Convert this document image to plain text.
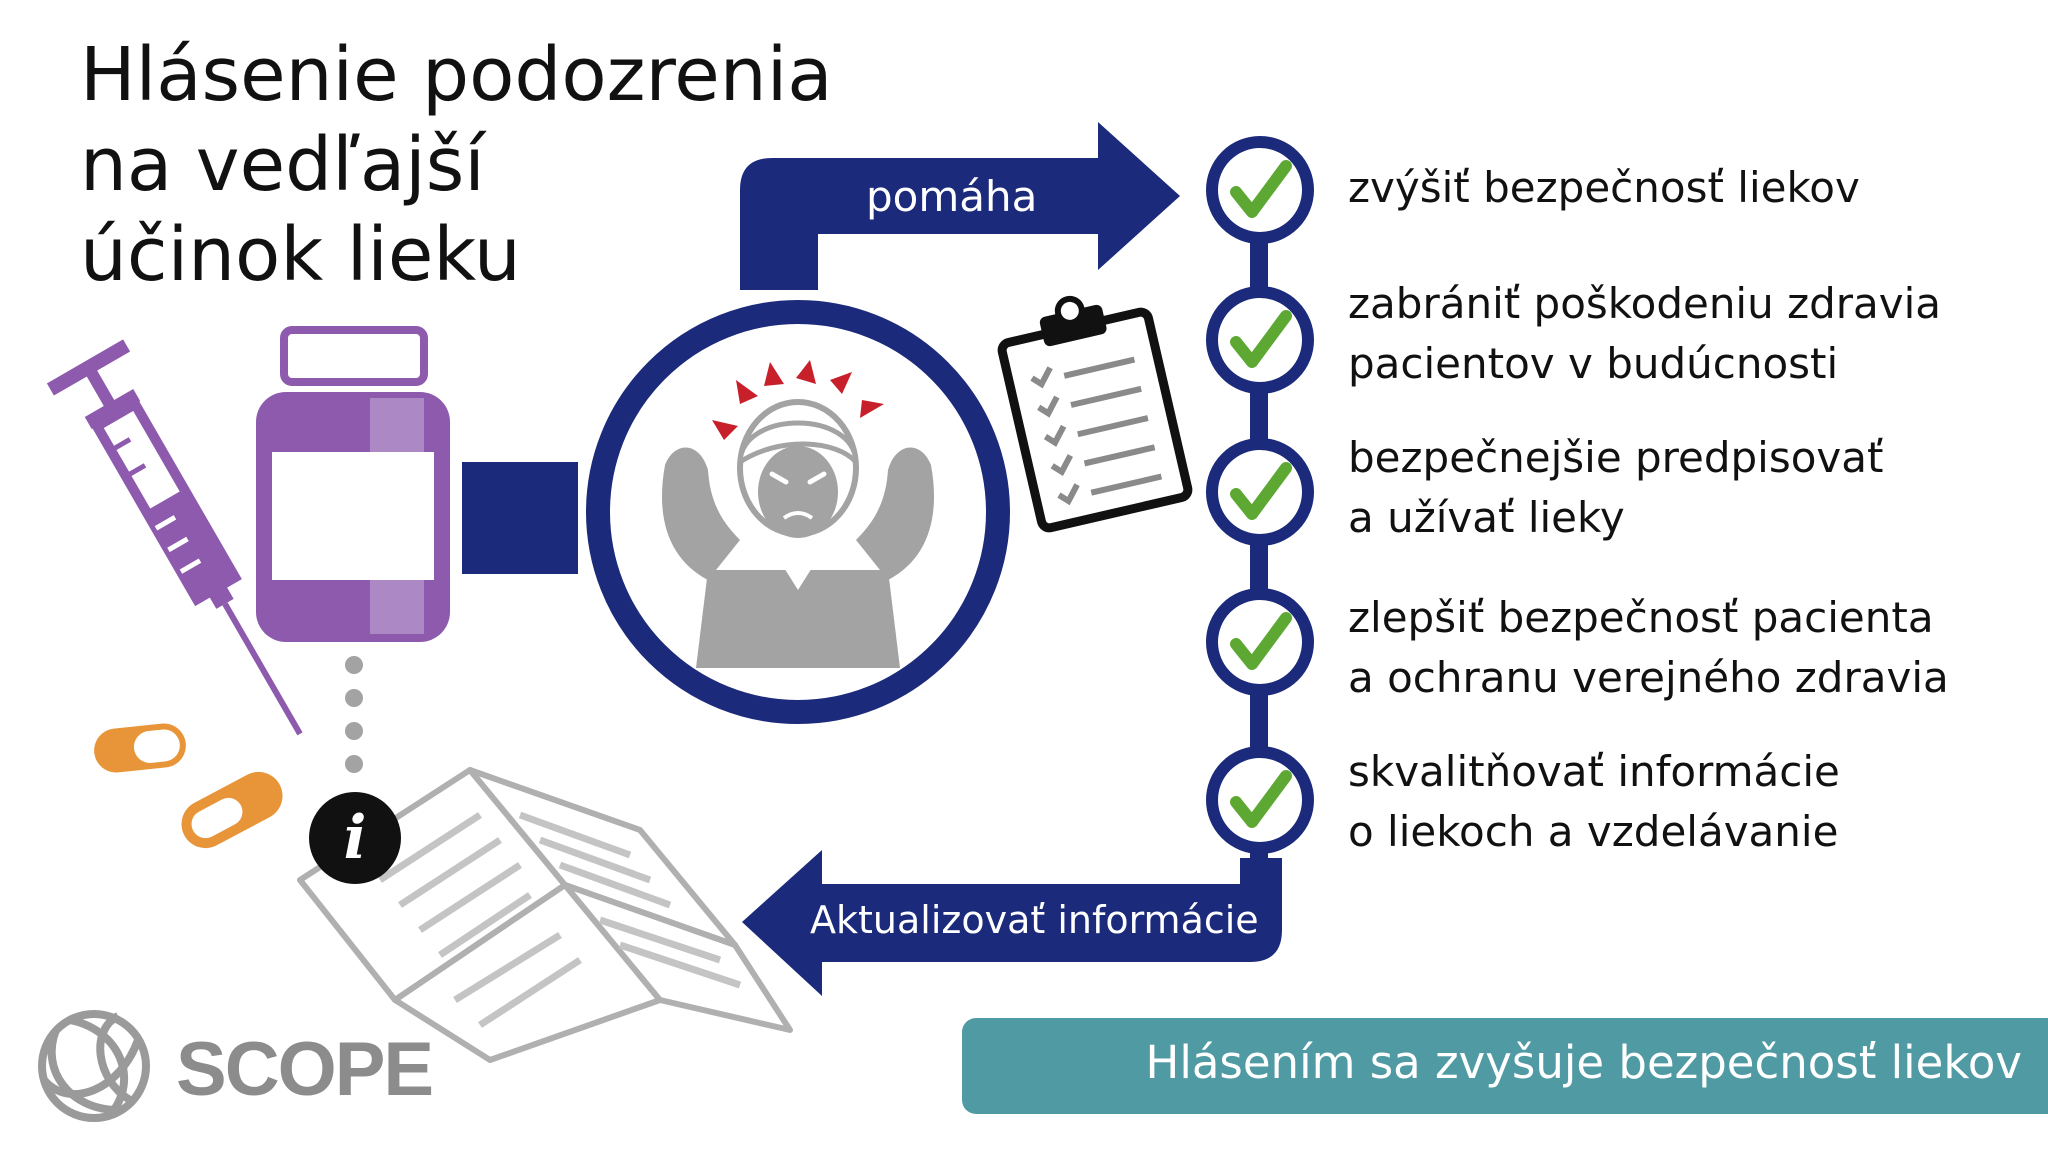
Hlásenie podozrenia
na vedľajší
účinok lieku
i
pomáha
Aktualizovať informácie
zvýšiť bezpečnosť liekov
zabrániť poškodeniu zdravia
pacientov v budúcnosti
bezpečnejšie predpisovať
a užívať lieky
zlepšiť bezpečnosť pacienta
a ochranu verejného zdravia
skvalitňovať informácie
o liekoch a vzdelávanie
SCOPE	Hlásením sa zvyšuje bezpečnosť liekov
